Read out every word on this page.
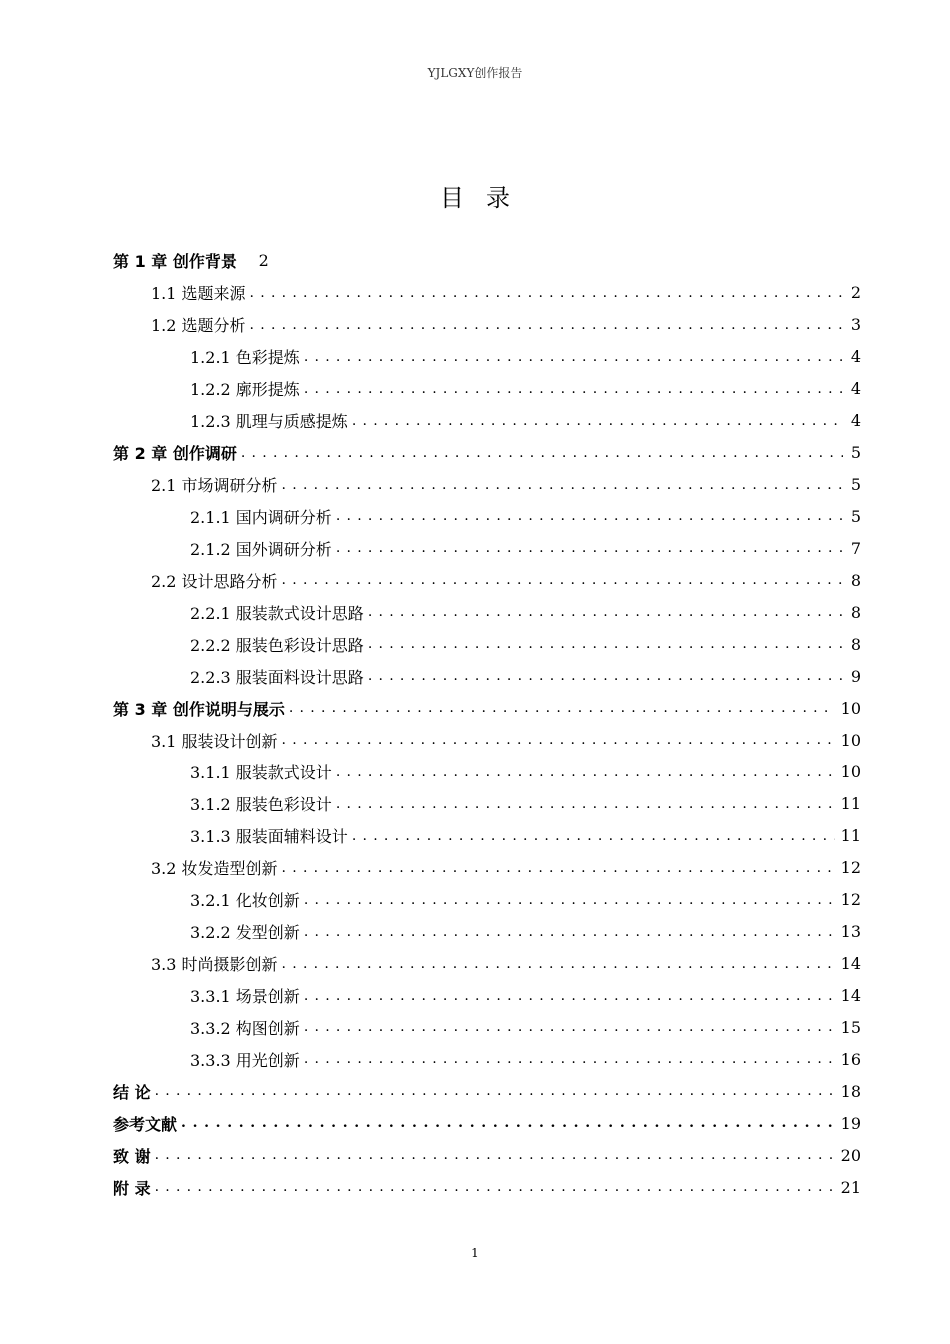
YJLGXY创作报告
目录
第 1 章 创作背景	2
1.1 选题来源 . . .	2
1.2 选题分析 . . .	3
1.2.1 色彩提炼 . . .	4
1.2.2 廓形提炼 . . .	4
1.2.3 肌理与质感提炼 . . .	4
第 2 章 创作调研 . . .	5
2.1 市场调研分析 . . .	5
2.1.1 国内调研分析 . . .	5
2.1.2 国外调研分析 . . .	7
2.2 设计思路分析 . . .	8
2.2.1 服装款式设计思路 . . .	8
2.2.2 服装色彩设计思路 . . .	8
2.2.3 服装面料设计思路 . . .	9
第 3 章 创作说明与展示 . . .	10
3.1 服装设计创新 . . .	10
3.1.1 服装款式设计 . . .	10
3.1.2 服装色彩设计 . . .	11
3.1.3 服装面辅料设计 . . .	11
3.2 妆发造型创新 . . .	12
3.2.1 化妆创新 . . .	12
3.2.2 发型创新 . . .	13
3.3 时尚摄影创新 . . .	14
3.3.1 场景创新 . . .	14
3.3.2 构图创新 . . .	15
3.3.3 用光创新 . . .	16
结 论 . . .	18
参考文献 . . .	19
致 谢 . . .	20
附 录 . . .	21
1
